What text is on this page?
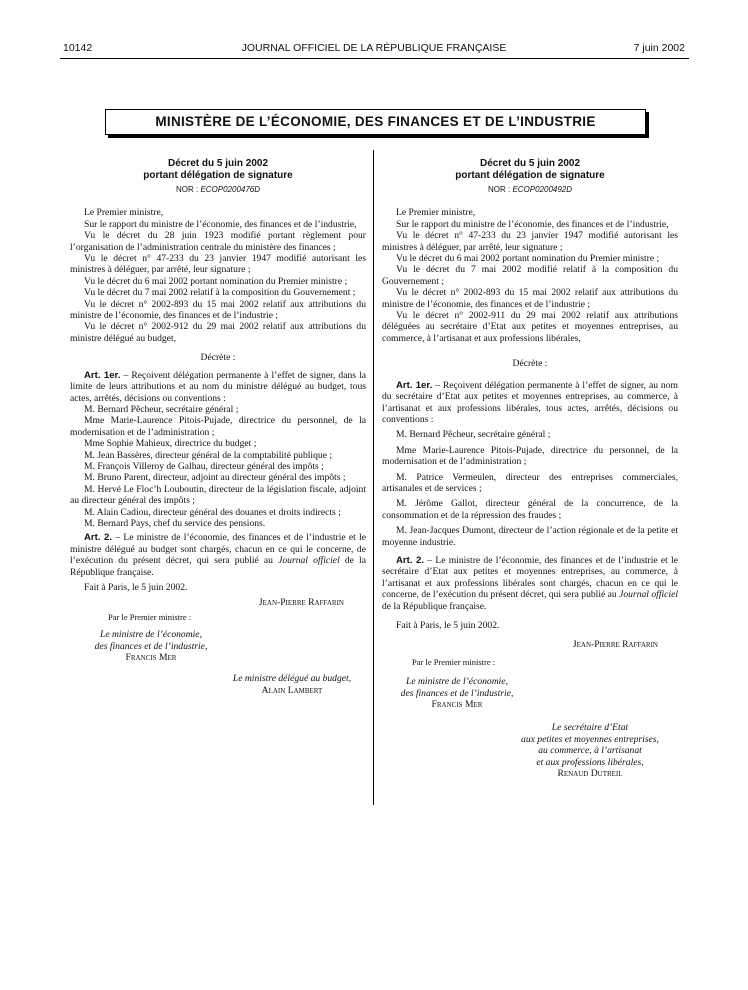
10142	JOURNAL OFFICIEL DE LA RÉPUBLIQUE FRANÇAISE	7 juin 2002
MINISTÈRE DE L’ÉCONOMIE, DES FINANCES ET DE L’INDUSTRIE
Décret du 5 juin 2002
portant délégation de signature
NOR : ECOP0200476D

Le Premier ministre,

Sur le rapport du ministre de l’économie, des finances et de l’industrie,

Vu le décret du 28 juin 1923 modifié portant règlement pour l’organisation de l’administration centrale du ministère des finances ;

Vu le décret n° 47-233 du 23 janvier 1947 modifié autorisant les ministres à déléguer, par arrêté, leur signature ;

Vu le décret du 6 mai 2002 portant nomination du Premier ministre ;

Vu le décret du 7 mai 2002 relatif à la composition du Gouvernement ;

Vu le décret n° 2002-893 du 15 mai 2002 relatif aux attributions du ministre de l’économie, des finances et de l’industrie ;

Vu le décret n° 2002-912 du 29 mai 2002 relatif aux attributions du ministre délégué au budget,

Décrète :

Art. 1er. – Reçoivent délégation permanente à l’effet de signer, dans la limite de leurs attributions et au nom du ministre délégué au budget, tous actes, arrêtés, décisions ou conventions :

M. Bernard Pêcheur, secrétaire général ;

Mme Marie-Laurence Pitois-Pujade, directrice du personnel, de la modernisation et de l’administration ;

Mme Sophie Mahieux, directrice du budget ;

M. Jean Bassères, directeur général de la comptabilité publique ;

M. François Villeroy de Galhau, directeur général des impôts ;

M. Bruno Parent, directeur, adjoint au directeur général des impôts ;

M. Hervé Le Floc’h Louboutin, directeur de la législation fiscale, adjoint au directeur général des impôts ;

M. Alain Cadiou, directeur général des douanes et droits indirects ;

M. Bernard Pays, chef du service des pensions.

Art. 2. – Le ministre de l’économie, des finances et de l’industrie et le ministre délégué au budget sont chargés, chacun en ce qui le concerne, de l’exécution du présent décret, qui sera publié au Journal officiel de la République française.

Fait à Paris, le 5 juin 2002.

Jean-Pierre Raffarin
Par le Premier ministre :
Le ministre de l’économie,
des finances et de l’industrie,
Francis Mer
Le ministre délégué au budget,
Alain Lambert
Décret du 5 juin 2002
portant délégation de signature
NOR : ECOP0200492D

Le Premier ministre,

Sur le rapport du ministre de l’économie, des finances et de l’industrie,

Vu le décret n° 47-233 du 23 janvier 1947 modifié autorisant les ministres à déléguer, par arrêté, leur signature ;

Vu le décret du 6 mai 2002 portant nomination du Premier ministre ;

Vu le décret du 7 mai 2002 modifié relatif à la composition du Gouvernement ;

Vu le décret n° 2002-893 du 15 mai 2002 relatif aux attributions du ministre de l’économie, des finances et de l’industrie ;

Vu le décret n° 2002-911 du 29 mai 2002 relatif aux attributions déléguées au secrétaire d’Etat aux petites et moyennes entreprises, au commerce, à l’artisanat et aux professions libérales,

Décrète :

Art. 1er. – Reçoivent délégation permanente à l’effet de signer, au nom du secrétaire d’Etat aux petites et moyennes entreprises, au commerce, à l’artisanat et aux professions libérales, tous actes, arrêtés, décisions ou conventions :

M. Bernard Pêcheur, secrétaire général ;

Mme Marie-Laurence Pitois-Pujade, directrice du personnel, de la modernisation et de l’administration ;

M. Patrice Vermeulen, directeur des entreprises commerciales, artisanales et de services ;

M. Jérôme Gallot, directeur général de la concurrence, de la consommation et de la répression des fraudes ;

M. Jean-Jacques Dumont, directeur de l’action régionale et de la petite et moyenne industrie.

Art. 2. – Le ministre de l’économie, des finances et de l’industrie et le secrétaire d’Etat aux petites et moyennes entreprises, au commerce, à l’artisanat et aux professions libérales sont chargés, chacun en ce qui le concerne, de l’exécution du présent décret, qui sera publié au Journal officiel de la République française.

Fait à Paris, le 5 juin 2002.

Jean-Pierre Raffarin
Par le Premier ministre :
Le ministre de l’économie,
des finances et de l’industrie,
Francis Mer
Le secrétaire d’Etat
aux petites et moyennes entreprises,
au commerce, à l’artisanat
et aux professions libérales,
Renaud Dutreil
